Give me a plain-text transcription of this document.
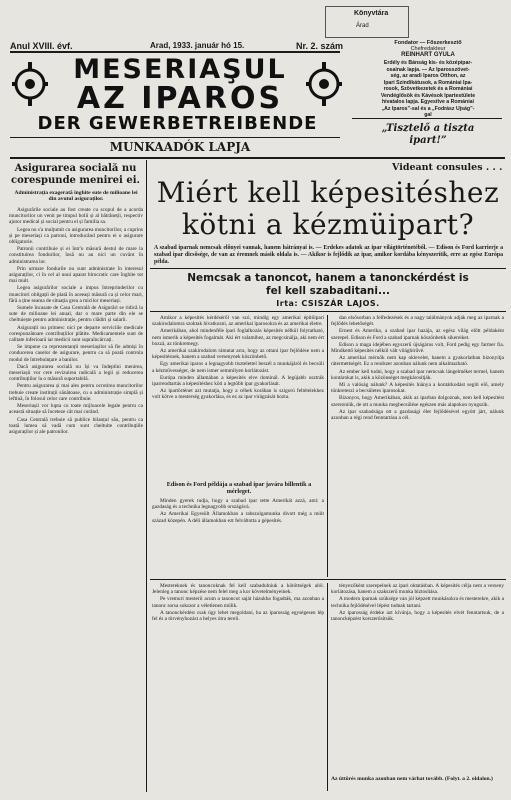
Anul XVIII. évf.	Arad, 1933. január hó 15.	Nr. 2. szám
Könyvtára
Árad
MESERIAŞUL
AZ IPAROS
DER GEWERBETREIBENDE
MUNKAADÓK LAPJA
Fondator — Főszerkesztő
Chefredakteur
REINHART GYULA
Erdély és Bánság kis- és középipar-
osainak lapja. — Az Iparosszövet-
ség, az aradi Iparos Otthon, az
Ipari Szindikátusok, a Romániai Ipa-
rosok, Szövetkezetek és a Romániai
Vendéglősök és Kávésok Ipartestülete
hivatalos lapja. Egyesítve a Romániai
„Az Iparos”-sal és a „Fodrász Ujság”-
gal
„Tisztelő a tiszta
ipart!”
Asigurarea socială nu
corespunde menirei ei.
Administrația exagerată înghite sute de milioane lei din avutul asiguraților.

Asigurările sociale au fost create cu scopul de a acorda muncitorilor un venit pe timpul bolii și al bătrâneții, respectiv ajutor medical și social pentru el și familia sa.

Legea nu s'a mulțumit cu asigurarea muncitorilor, a cuprins și pe meseriași ca patroni, introducând pentru ei o asigurare obligatorie.

Patronii contribuie și ei într'o măsură destul de mare la constituirea fondurilor, însă nu au nici un cuvânt în administrarea lor.

Prin urmare fondurile nu sunt administrate în interesul asiguraților, ci în cel al unui aparat birocratic care înghite tot mai mult.

Legea asigurărilor sociale a impus întreprinderilor cu muncitori obligații de plată în aceeași măsură ca și celor mari, fără a ține seama de situația grea a micilor meseriași.

Sumele încasate de Casa Centrală de Asigurări se ridică la sute de milioane lei anual, dar o mare parte din ele se cheltuiește pentru administrație, pentru clădiri și salarii.

Asigurații nu primesc nici pe departe serviciile medicale corespunzătoare contribuțiilor plătite. Medicamentele sunt de calitate inferioară iar medicii sunt supraîncărcați.

Se impune ca reprezentanții meseriașilor să fie admiși în conducerea caselor de asigurare, pentru ca să poată controla modul de întrebuințare a banilor.

Dacă asigurarea socială nu își va îndeplini menirea, meseriașii vor cere revizuirea radicală a legii și reducerea contribuțiilor la o măsură suportabilă.

Pentru asigurarea și mai ales pentru ocrotirea muncitorilor trebuie create instituții sănătoase, cu o administrație simplă și ieftină, în folosul celor care contribuie.

Meseriașii vor lupta cu toate mijloacele legale pentru ca această situație să înceteze cât mai curând.

Casa Centrală trebuie să publice bilanțul său, pentru ca toată lumea să vadă cum sunt cheltuite contribuțiile asiguraților și ale patronilor.

Videant consules . . .
Miért kell képesitéshez
kötni a kézmüipart?
A szabad iparnak nemcsak előnyei vannak, hanem hátrányai is. — Erdekes adatok az ipar világtörténetéből. — Edison és Ford karrierje a szabad ipar dicsősége, de van az éremnek másik oldala is. — Akikor is fejlődik az ipar, amikor kordába kényszerítik, erre az egész Európa példa.
Nemcsak a tanoncot, hanem a tanonckérdést is
fel kell szabaditani...
Irta: CSISZÁR LAJOS.

Amikor a képesítés kérdéséről van szó, mindig egy amerikai építőipari szakirodalomra szoktak hivatkozni, az amerikai iparosokra és az amerikai életre.

Amerikában, ahol mindenféle ipari foglalkozás képesítés nélkül folytatható, nem ismerik a képesítés fogalmát. Aki ért valamihez, az megcsinálja, aki nem ért hozzá, az tönkremegy.

Az amerikai szakirodalom rámutat arra, hogy az ottani ipar fejlődése nem a képesítésnek, hanem a szabad versenynek köszönhető.

Egy amerikai iparos a legnagyobb tisztelettel beszél a munkájáról és becsüli a kézművességet, de nem ismer semmilyen korlátozást.

Európa minden államában a képesítés elve dominál. A legújabb osztrák iparrendtartás a képesítéshez köti a legtöbb ipar gyakorlását.

Az ipartörténet azt mutatja, hogy a céhek korában is szigorú feltételekhez volt kötve a mesterség gyakorlása, és ez az ipar virágzását hozta.

Edison és Ford példája a szabad ipar javára billentik a mérleget.

Minden gyerek tudja, hogy a szabad ipar tette Amerikát azzá, ami: a gazdaság és a technika legnagyobb országává.

Az Amerikai Egyesült Államokban a rabszolgamunka divott még a múlt század közepén. A déli államokban ezt felváltotta a gépesítés.

dan elsősorban a felfedezések és a nagy találmányok adják meg az iparnak a fejlődés lehetőségét.

Ernest és Amerika, a szabad ipar hazája, az egész világ előtt példaként szerepel. Edison és Ford a szabad iparnak köszönhetik sikereiket.

Edison a maga idejében egyszerű újságárus volt, Ford pedig egy farmer fia. Mindkettő képesítés nélkül vált világhírűvé.

Az amerikai mérnök nem kap oklevelet, hanem a gyakorlatban bizonyítja rátermettségét. Ez a rendszer azonban nálunk nem alkalmazható.

Az ember kell tudni, hogy a szabad ipar nemcsak lángelméket termel, hanem kontárokat is, akik a közönséget megkárosítják.

Mi a valóság nálunk? A képesítés hiánya a kontárkodást segíti elő, amely tönkreteszi a becsületes iparosokat.

Bizonyos, hogy Amerikában, akik az iparban dolgoznak, nem kell képesítést szerezniük, de ott a munka megbecsülése egészen más alapokon nyugszik.

Az ipar szabadsága ott a gazdasági élet fejlődésével együtt járt, nálunk azonban a régi rend fenntartása a cél.

Mestereknek és tanoncoknak fel kell szabadulniuk a kötöttségek alól. Jelenleg a tanonc képzése nem felel meg a kor követelményeinek.

Pe vremuri mesterii acum a tanoncot saját házukba fogadták, ma azonban a tanonc sorsa sokszor a véletlenen múlik.

A tanonckérdést csak úgy lehet megoldani, ha az iparosság egységesen lép fel és a törvényhozást a helyes útra tereli.

tényezőként szerepelnek az ipari oktatásban. A képesítés célja nem a verseny korlátozása, hanem a szakszerű munka biztosítása.

A modern iparnak szüksége van jól képzett munkásokra és mesterekre, akik a technika fejlődésével lépést tudnak tartani.

Az iparosság érdeke azt kívánja, hogy a képesítés elvét fenntartsuk, de a tanoncképzést korszerűsítsük.

Az úttörés munka azonban nem várhat tovább. (Folyt. a 2. oldalon.)
